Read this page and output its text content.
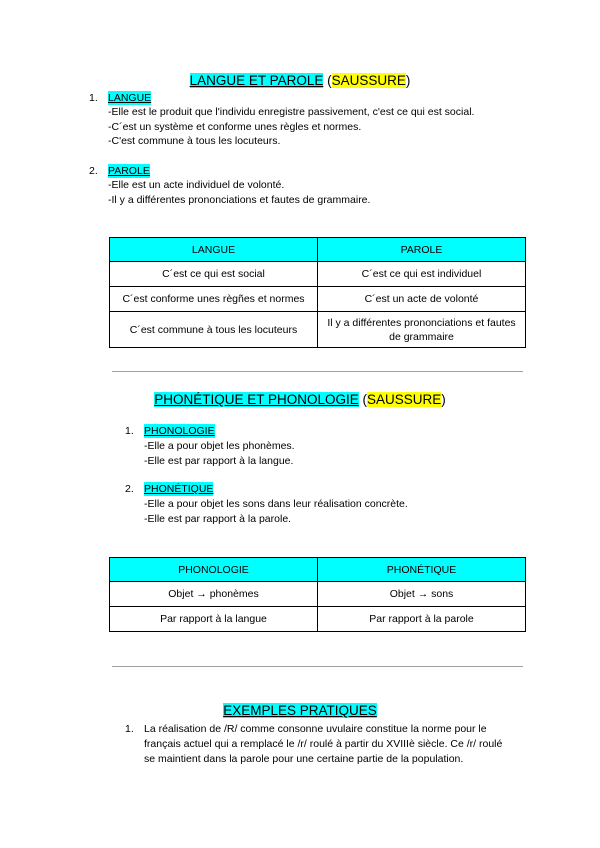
LANGUE ET PAROLE (SAUSSURE)
1. LANGUE
-Elle est le produit que l'individu enregistre passivement, c'est ce qui est social.
-C´est un système et conforme unes règles et normes.
-C'est commune à tous les locuteurs.
2. PAROLE
-Elle est un acte individuel de volonté.
-Il y a différentes prononciations et fautes de grammaire.
LANGUE	PAROLE
C´est ce qui est social	C´est ce qui est individuel
C´est conforme unes règñes et normes	C´est un acte de volonté
C´est commune à tous les locuteurs	Il y a différentes prononciations et fautes de grammaire
PHONÉTIQUE ET PHONOLOGIE (SAUSSURE)
1. PHONOLOGIE
-Elle a pour objet les phonèmes.
-Elle est par rapport à la langue.
2. PHONÉTIQUE
-Elle a pour objet les sons dans leur réalisation concrète.
-Elle est par rapport à la parole.
PHONOLOGIE	PHONÉTIQUE
Objet → phonèmes	Objet → sons
Par rapport à la langue	Par rapport à la parole
EXEMPLES PRATIQUES
1. La réalisation de /R/ comme consonne uvulaire constitue la norme pour le
français actuel qui a remplacé le /r/ roulé à partir du XVIIIè siècle. Ce /r/ roulé
se maintient dans la parole pour une certaine partie de la population.
